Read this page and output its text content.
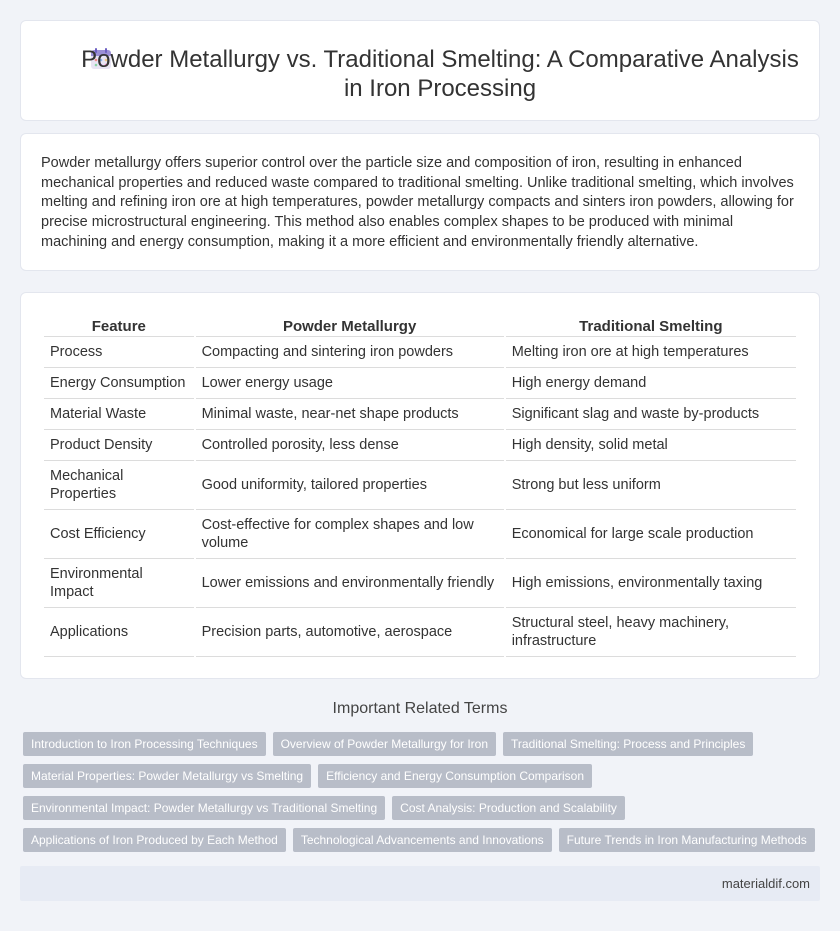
Powder Metallurgy vs. Traditional Smelting: A Comparative Analysis in Iron Processing

Powder metallurgy offers superior control over the particle size and composition of iron, resulting in enhanced mechanical properties and reduced waste compared to traditional smelting. Unlike traditional smelting, which involves melting and refining iron ore at high temperatures, powder metallurgy compacts and sinters iron powders, allowing for precise microstructural engineering. This method also enables complex shapes to be produced with minimal machining and energy consumption, making it a more efficient and environmentally friendly alternative.

Feature	Powder Metallurgy	Traditional Smelting
Process	Compacting and sintering iron powders	Melting iron ore at high temperatures
Energy Consumption	Lower energy usage	High energy demand
Material Waste	Minimal waste, near-net shape products	Significant slag and waste by-products
Product Density	Controlled porosity, less dense	High density, solid metal
Mechanical Properties	Good uniformity, tailored properties	Strong but less uniform
Cost Efficiency	Cost-effective for complex shapes and low volume	Economical for large scale production
Environmental Impact	Lower emissions and environmentally friendly	High emissions, environmentally taxing
Applications	Precision parts, automotive, aerospace	Structural steel, heavy machinery, infrastructure
Important Related Terms
Introduction to Iron Processing Techniques	Overview of Powder Metallurgy for Iron	Traditional Smelting: Process and Principles
Material Properties: Powder Metallurgy vs Smelting	Efficiency and Energy Consumption Comparison
Environmental Impact: Powder Metallurgy vs Traditional Smelting	Cost Analysis: Production and Scalability
Applications of Iron Produced by Each Method	Technological Advancements and Innovations	Future Trends in Iron Manufacturing Methods
materialdif.com
